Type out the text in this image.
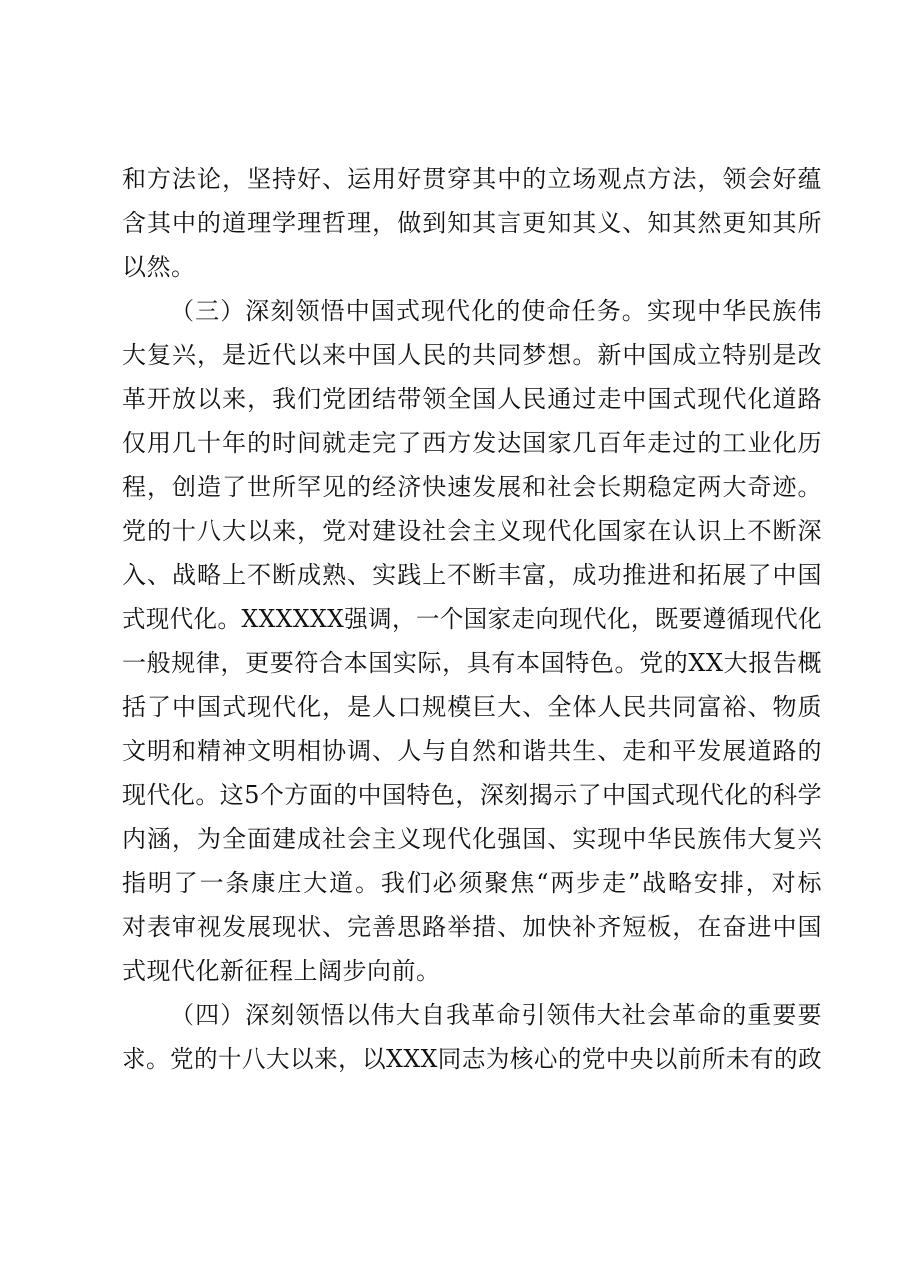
和方法论，坚持好、运用好贯穿其中的立场观点方法，领会好蕴
含其中的道理学理哲理，做到知其言更知其义、知其然更知其所
以然。
（三）深刻领悟中国式现代化的使命任务。实现中华民族伟
大复兴，是近代以来中国人民的共同梦想。新中国成立特别是改
革开放以来，我们党团结带领全国人民通过走中国式现代化道路
仅用几十年的时间就走完了西方发达国家几百年走过的工业化历
程，创造了世所罕见的经济快速发展和社会长期稳定两大奇迹。
党的十八大以来，党对建设社会主义现代化国家在认识上不断深
入、战略上不断成熟、实践上不断丰富，成功推进和拓展了中国
式现代化。XXXXXX强调，一个国家走向现代化，既要遵循现代化
一般规律，更要符合本国实际，具有本国特色。党的XX大报告概
括了中国式现代化，是人口规模巨大、全体人民共同富裕、物质
文明和精神文明相协调、人与自然和谐共生、走和平发展道路的
现代化。这5个方面的中国特色，深刻揭示了中国式现代化的科学
内涵，为全面建成社会主义现代化强国、实现中华民族伟大复兴
指明了一条康庄大道。我们必须聚焦“两步走”战略安排，对标
对表审视发展现状、完善思路举措、加快补齐短板，在奋进中国
式现代化新征程上阔步向前。
（四）深刻领悟以伟大自我革命引领伟大社会革命的重要要
求。党的十八大以来，以XXX同志为核心的党中央以前所未有的政
